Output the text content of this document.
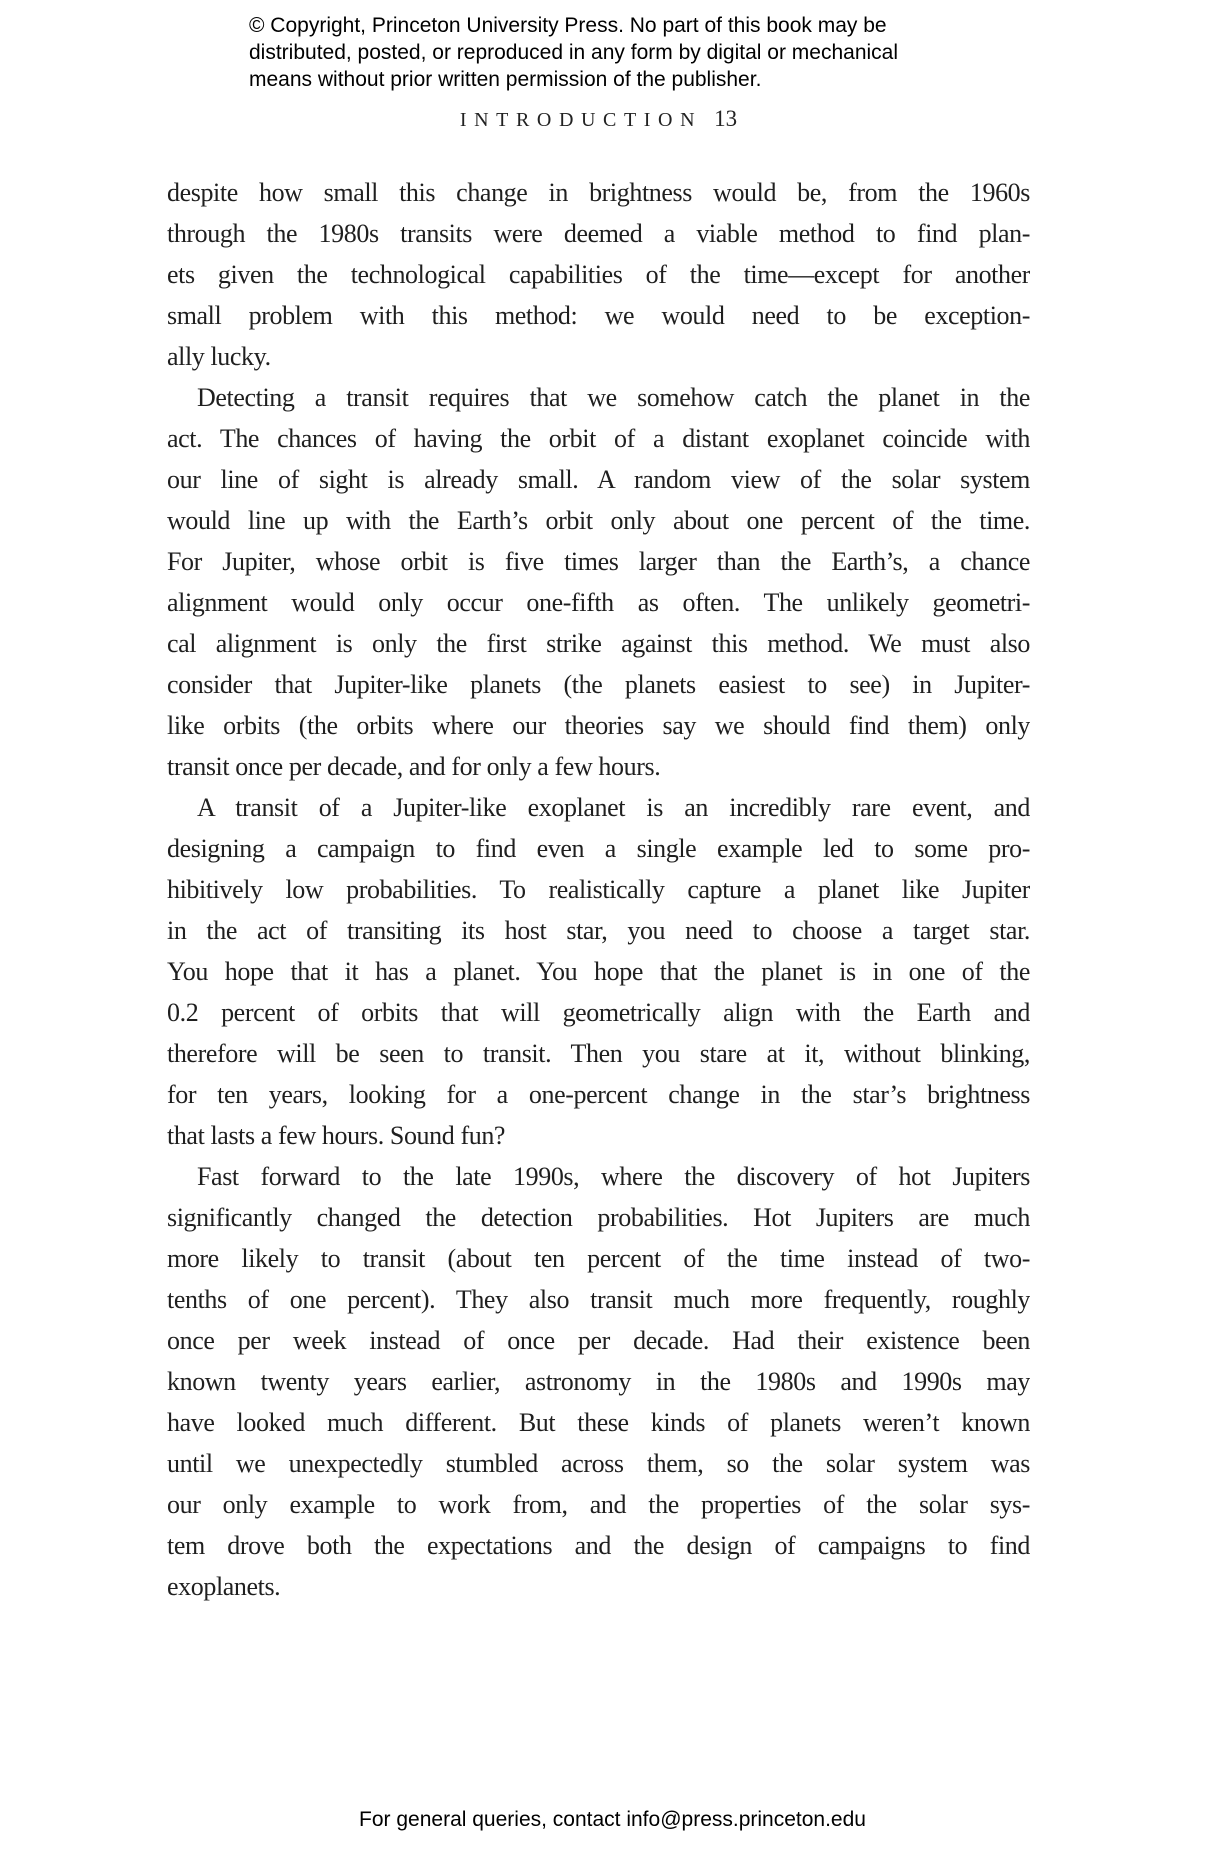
© Copyright, Princeton University Press. No part of this book may be
distributed, posted, or reproduced in any form by digital or mechanical
means without prior written permission of the publisher.
INTRODUCTION 13
despite how small this change in brightness would be, from the 1960s
through the 1980s transits were deemed a viable method to find plan-
ets given the technological capabilities of the time—except for another
small problem with this method: we would need to be exception-
ally lucky.
Detecting a transit requires that we somehow catch the planet in the
act. The chances of having the orbit of a distant exoplanet coincide with
our line of sight is already small. A random view of the solar system
would line up with the Earth’s orbit only about one percent of the time.
For Jupiter, whose orbit is five times larger than the Earth’s, a chance
alignment would only occur one-fifth as often. The unlikely geometri-
cal alignment is only the first strike against this method. We must also
consider that Jupiter-like planets (the planets easiest to see) in Jupiter-
like orbits (the orbits where our theories say we should find them) only
transit once per decade, and for only a few hours.
A transit of a Jupiter-like exoplanet is an incredibly rare event, and
designing a campaign to find even a single example led to some pro-
hibitively low probabilities. To realistically capture a planet like Jupiter
in the act of transiting its host star, you need to choose a target star.
You hope that it has a planet. You hope that the planet is in one of the
0.2 percent of orbits that will geometrically align with the Earth and
therefore will be seen to transit. Then you stare at it, without blinking,
for ten years, looking for a one-percent change in the star’s brightness
that lasts a few hours. Sound fun?
Fast forward to the late 1990s, where the discovery of hot Jupiters
significantly changed the detection probabilities. Hot Jupiters are much
more likely to transit (about ten percent of the time instead of two-
tenths of one percent). They also transit much more frequently, roughly
once per week instead of once per decade. Had their existence been
known twenty years earlier, astronomy in the 1980s and 1990s may
have looked much different. But these kinds of planets weren’t known
until we unexpectedly stumbled across them, so the solar system was
our only example to work from, and the properties of the solar sys-
tem drove both the expectations and the design of campaigns to find
exoplanets.
For general queries, contact info@press.princeton.edu
